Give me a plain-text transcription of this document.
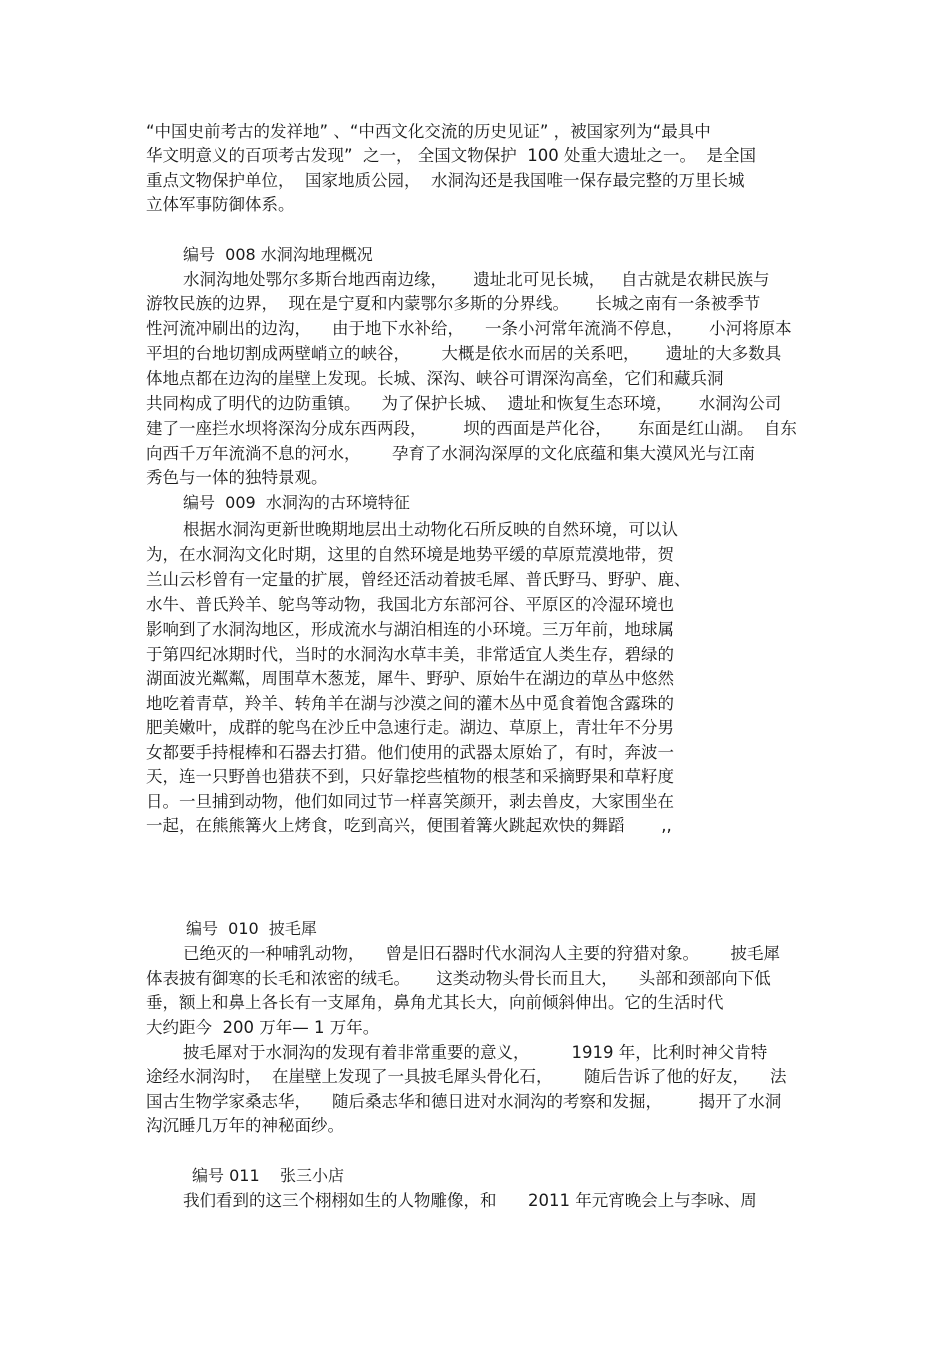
“中国史前考古的发祥地” 、“中西文化交流的历史见证” ，被国家列为“最具中

华文明意义的百项考古发现”  之一， 全国文物保护  100 处重大遗址之一。  是全国

重点文物保护单位，  国家地质公园，  水洞沟还是我国唯一保存最完整的万里长城

立体军事防御体系。

编号  008 水洞沟地理概况

水洞沟地处鄂尔多斯台地西南边缘，     遗址北可见长城，   自古就是农耕民族与

游牧民族的边界，  现在是宁夏和内蒙鄂尔多斯的分界线。     长城之南有一条被季节

性河流冲刷出的边沟，    由于地下水补给，    一条小河常年流淌不停息，     小河将原本

平坦的台地切割成两壁峭立的峡谷，      大概是依水而居的关系吧，     遗址的大多数具

体地点都在边沟的崖壁上发现。长城、深沟、峡谷可谓深沟高垒，它们和藏兵洞

共同构成了明代的边防重镇。    为了保护长城、  遗址和恢复生态环境，     水洞沟公司

建了一座拦水坝将深沟分成东西两段，       坝的西面是芦化谷，     东面是红山湖。  自东

向西千万年流淌不息的河水，      孕育了水洞沟深厚的文化底蕴和集大漠风光与江南

秀色与一体的独特景观。

编号  009  水洞沟的古环境特征

根据水洞沟更新世晚期地层出土动物化石所反映的自然环境，可以认

为，在水洞沟文化时期，这里的自然环境是地势平缓的草原荒漠地带，贺

兰山云杉曾有一定量的扩展，曾经还活动着披毛犀、普氏野马、野驴、鹿、

水牛、普氏羚羊、鸵鸟等动物，我国北方东部河谷、平原区的冷湿环境也

影响到了水洞沟地区，形成流水与湖泊相连的小环境。三万年前，地球属

于第四纪冰期时代，当时的水洞沟水草丰美，非常适宜人类生存，碧绿的

湖面波光粼粼，周围草木葱茏，犀牛、野驴、原始牛在湖边的草丛中悠然

地吃着青草，羚羊、转角羊在湖与沙漠之间的灌木丛中觅食着饱含露珠的

肥美嫩叶，成群的鸵鸟在沙丘中急速行走。湖边、草原上，青壮年不分男

女都要手持棍棒和石器去打猎。他们使用的武器太原始了，有时，奔波一

天，连一只野兽也猎获不到，只好靠挖些植物的根茎和采摘野果和草籽度

日。一旦捕到动物，他们如同过节一样喜笑颜开，剥去兽皮，大家围坐在

一起，在熊熊篝火上烤食，吃到高兴，便围着篝火跳起欢快的舞蹈       ,,

编号  010  披毛犀

已绝灭的一种哺乳动物，    曾是旧石器时代水洞沟人主要的狩猎对象。      披毛犀

体表披有御寒的长毛和浓密的绒毛。     这类动物头骨长而且大，    头部和颈部向下低

垂，额上和鼻上各长有一支犀角，鼻角尤其长大，向前倾斜伸出。它的生活时代

大约距今  200 万年— 1 万年。

披毛犀对于水洞沟的发现有着非常重要的意义，        1919 年，比利时神父肯特

途经水洞沟时，  在崖壁上发现了一具披毛犀头骨化石，      随后告诉了他的好友，    法

国古生物学家桑志华，    随后桑志华和德日进对水洞沟的考察和发掘，       揭开了水洞

沟沉睡几万年的神秘面纱。

编号 011    张三小店

我们看到的这三个栩栩如生的人物雕像，和      2011 年元宵晚会上与李咏、周
